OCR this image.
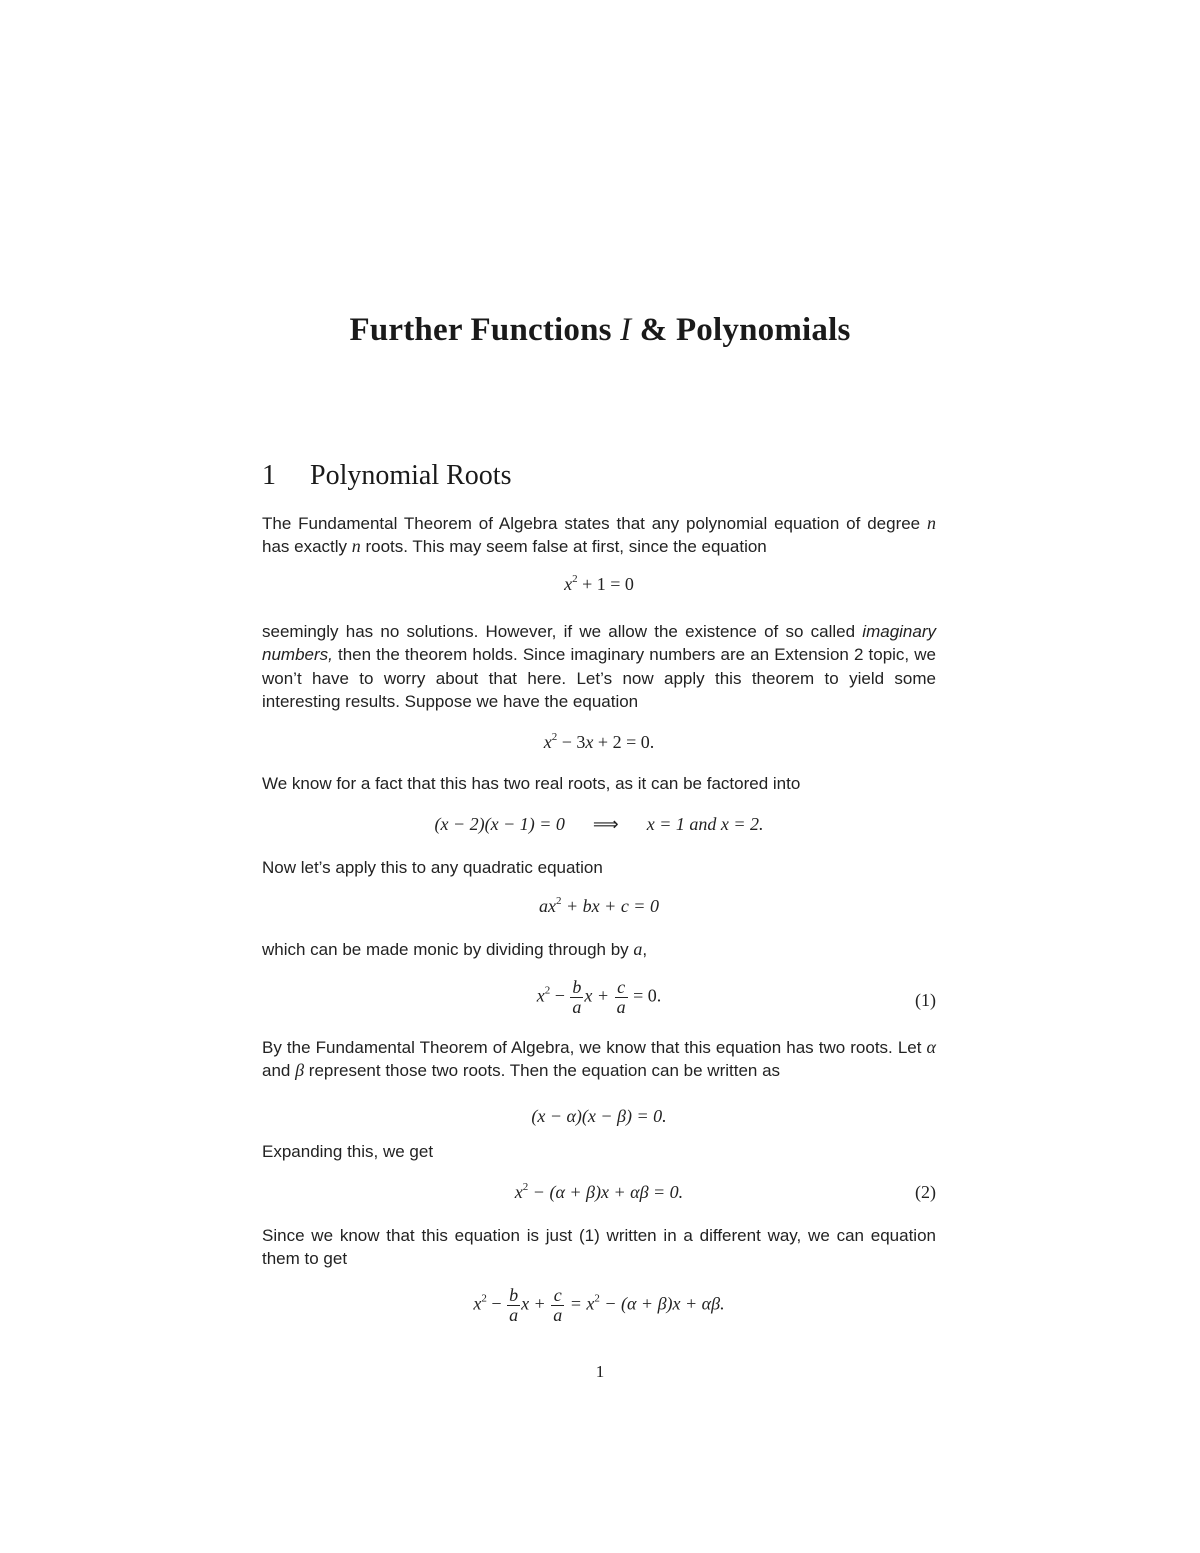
Further Functions I & Polynomials
1 Polynomial Roots
The Fundamental Theorem of Algebra states that any polynomial equation of degree n has exactly n roots. This may seem false at first, since the equation
$x^2 + 1 = 0$
seemingly has no solutions. However, if we allow the existence of so called imaginary numbers, then the theorem holds. Since imaginary numbers are an Extension 2 topic, we won’t have to worry about that here. Let’s now apply this theorem to yield some interesting results. Suppose we have the equation
$x^2 - 3x + 2 = 0$.
We know for a fact that this has two real roots, as it can be factored into
(x − 2)(x − 1) = 0 ⟹ x = 1 and x = 2.
Now let’s apply this to any quadratic equation
$ax^2$ + bx + c = 0
which can be made monic by dividing through by a,
$x^2 - \frac{b}{a}$ $x + \frac{c}{a} = 0$.	(1)
By the Fundamental Theorem of Algebra, we know that this equation has two roots. Let α and β represent those two roots. Then the equation can be written as
(x − α)(x − β) = 0.
Expanding this, we get
$x^2 - (\alpha + \beta)x + \alpha\beta = 0$.	(2)
Since we know that this equation is just (1) written in a different way, we can equation them to get
$x^2 - \frac{b}{a}$ $x + \frac{c}{a} = x^2 - (\alpha + \beta)x + \alpha\beta$.
1
